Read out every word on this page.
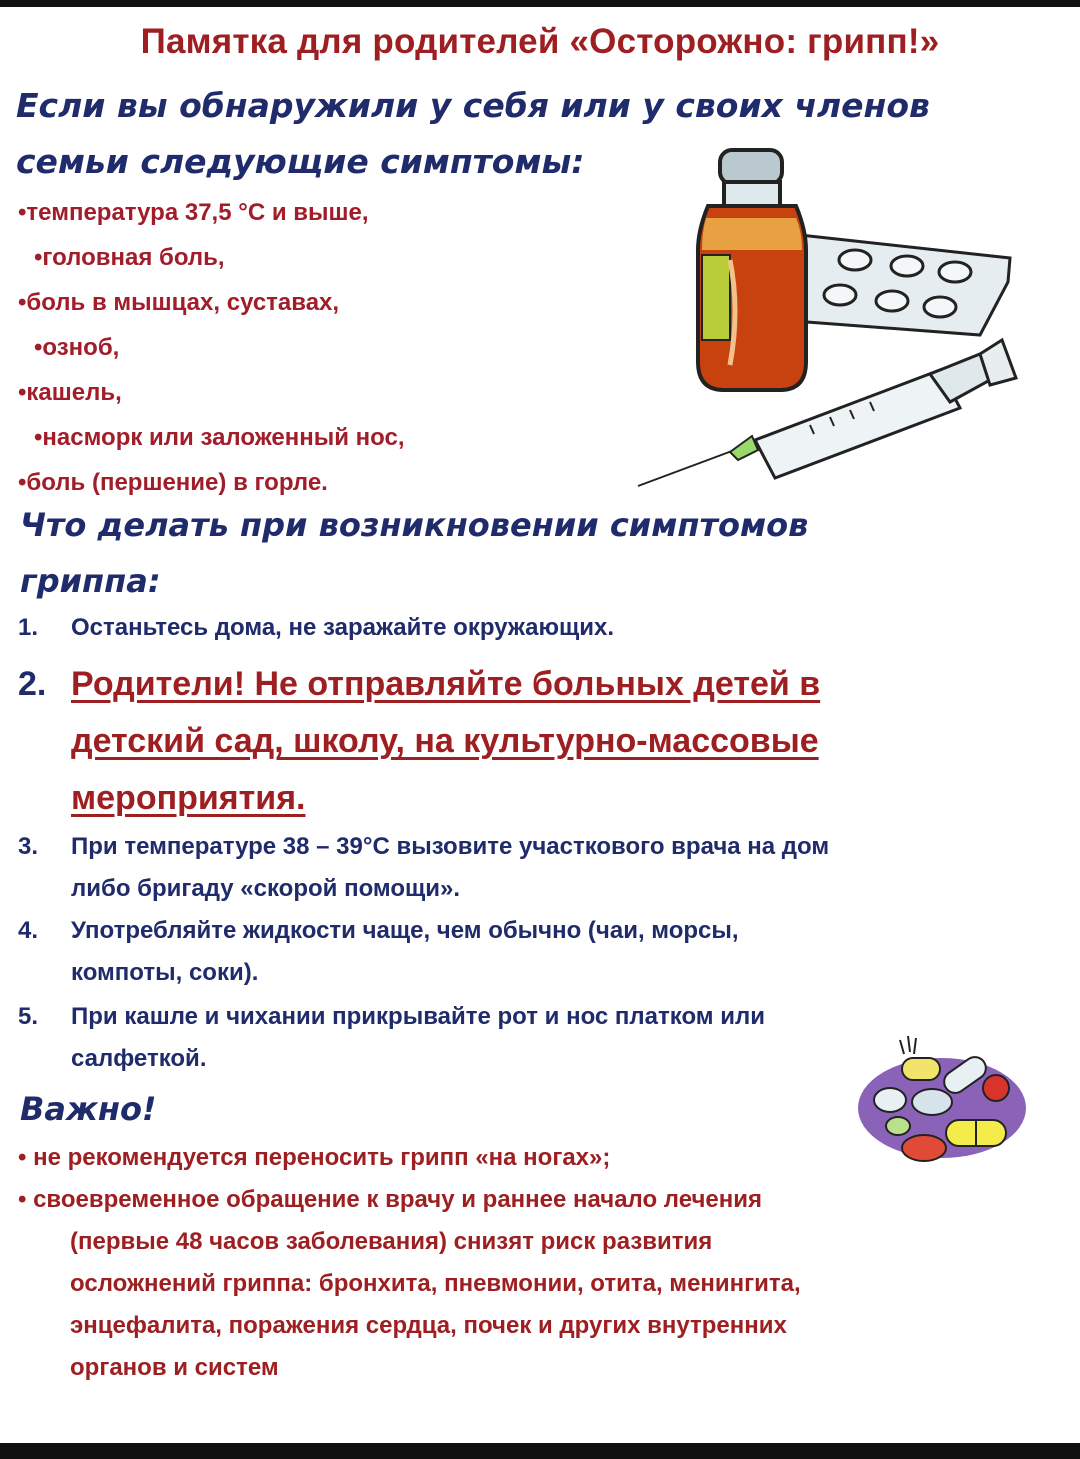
Памятка для родителей «Осторожно: грипп!»
Если вы обнаружили у себя или у своих членов
семьи следующие симптомы:
• температура 37,5 °С и выше,
• головная боль,
• боль в мышцах, суставах,
• озноб,
• кашель,
• насморк или заложенный нос,
• боль (першение) в горле.
Что делать при возникновении симптомов
гриппа:
1. Останьтесь дома, не заражайте окружающих.
2. Родители! Не отправляйте больных детей в
детский сад, школу, на культурно-массовые
мероприятия.
3. При температуре 38 – 39°С вызовите участкового врача на дом
либо бригаду «скорой помощи».
4. Употребляйте жидкости чаще, чем обычно (чаи, морсы,
компоты, соки).
5. При кашле и чихании прикрывайте рот и нос платком или
салфеткой.
Важно!
• не рекомендуется переносить грипп «на ногах»;
• своевременное обращение к врачу и раннее начало лечения
(первые 48 часов заболевания) снизят риск развития
осложнений гриппа: бронхита, пневмонии, отита, менингита,
энцефалита, поражения сердца, почек и других внутренних
органов и систем
